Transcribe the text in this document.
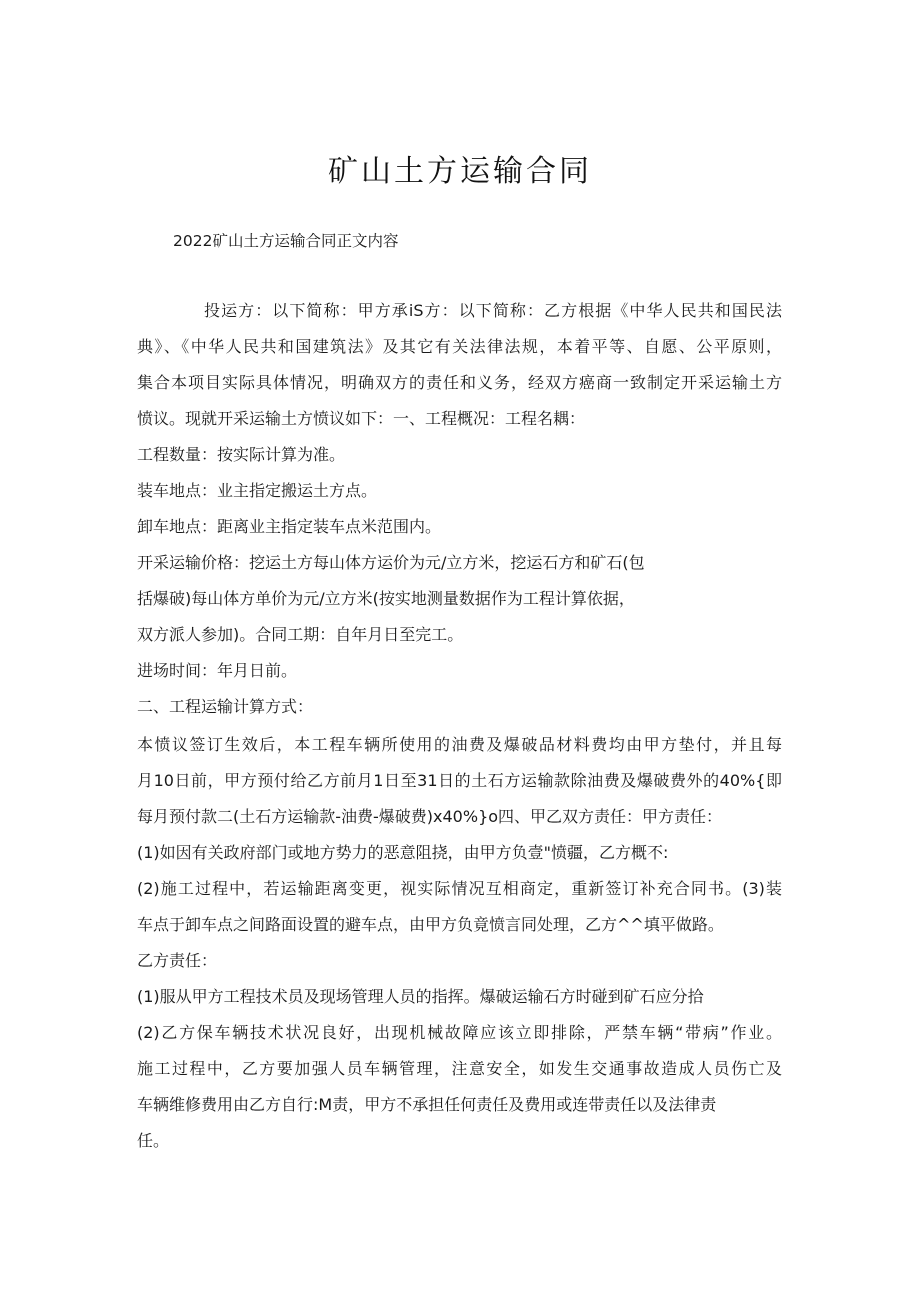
矿山土方运输合同
2022矿山土方运输合同正文内容
投运方：以下简称：甲方承iS方：以下简称：乙方根据《中华人民共和国民法
典》、《中华人民共和国建筑法》及其它有关法律法规，本着平等、自愿、公平原则，
集合本项目实际具体情况，明确双方的责任和义务，经双方癌商一致制定开采运输土方
愤议。现就开采运输土方愤议如下：一、工程概况：工程名耦：
工程数量：按实际计算为准。
装车地点：业主指定搬运土方点。
卸车地点：距离业主指定装车点米范围内。
开采运输价格：挖运土方每山体方运价为元/立方米，挖运石方和矿石(包
括爆破)每山体方单价为元/立方米(按实地测量数据作为工程计算依据，
双方派人参加)。合同工期：自年月日至完工。
进场时间：年月日前。
二、工程运输计算方式：
本愤议签订生效后，本工程车辆所使用的油费及爆破品材料费均由甲方垫付，并且每
月10日前，甲方预付给乙方前月1日至31日的土石方运输款除油费及爆破费外的40%{即
每月预付款二(土石方运输款-油费-爆破费)x40%}o四、甲乙双方责任：甲方责任：
(1)如因有关政府部门或地方势力的恶意阻挠，由甲方负壹"愤疆，乙方概不:
(2)施工过程中，若运输距离变更，视实际情况互相商定，重新签订补充合同书。(3)装
车点于卸车点之间路面设置的避车点，由甲方负竟愤言同处理，乙方^^填平做路。
乙方责任：
(1)服从甲方工程技术员及现场管理人员的指挥。爆破运输石方时碰到矿石应分拾
(2)乙方保车辆技术状况良好，出现机械故障应该立即排除，严禁车辆“带病”作业。
施工过程中，乙方要加强人员车辆管理，注意安全，如发生交通事故造成人员伤亡及
车辆维修费用由乙方自行:M责，甲方不承担任何责任及费用或连带责任以及法律责
任。
